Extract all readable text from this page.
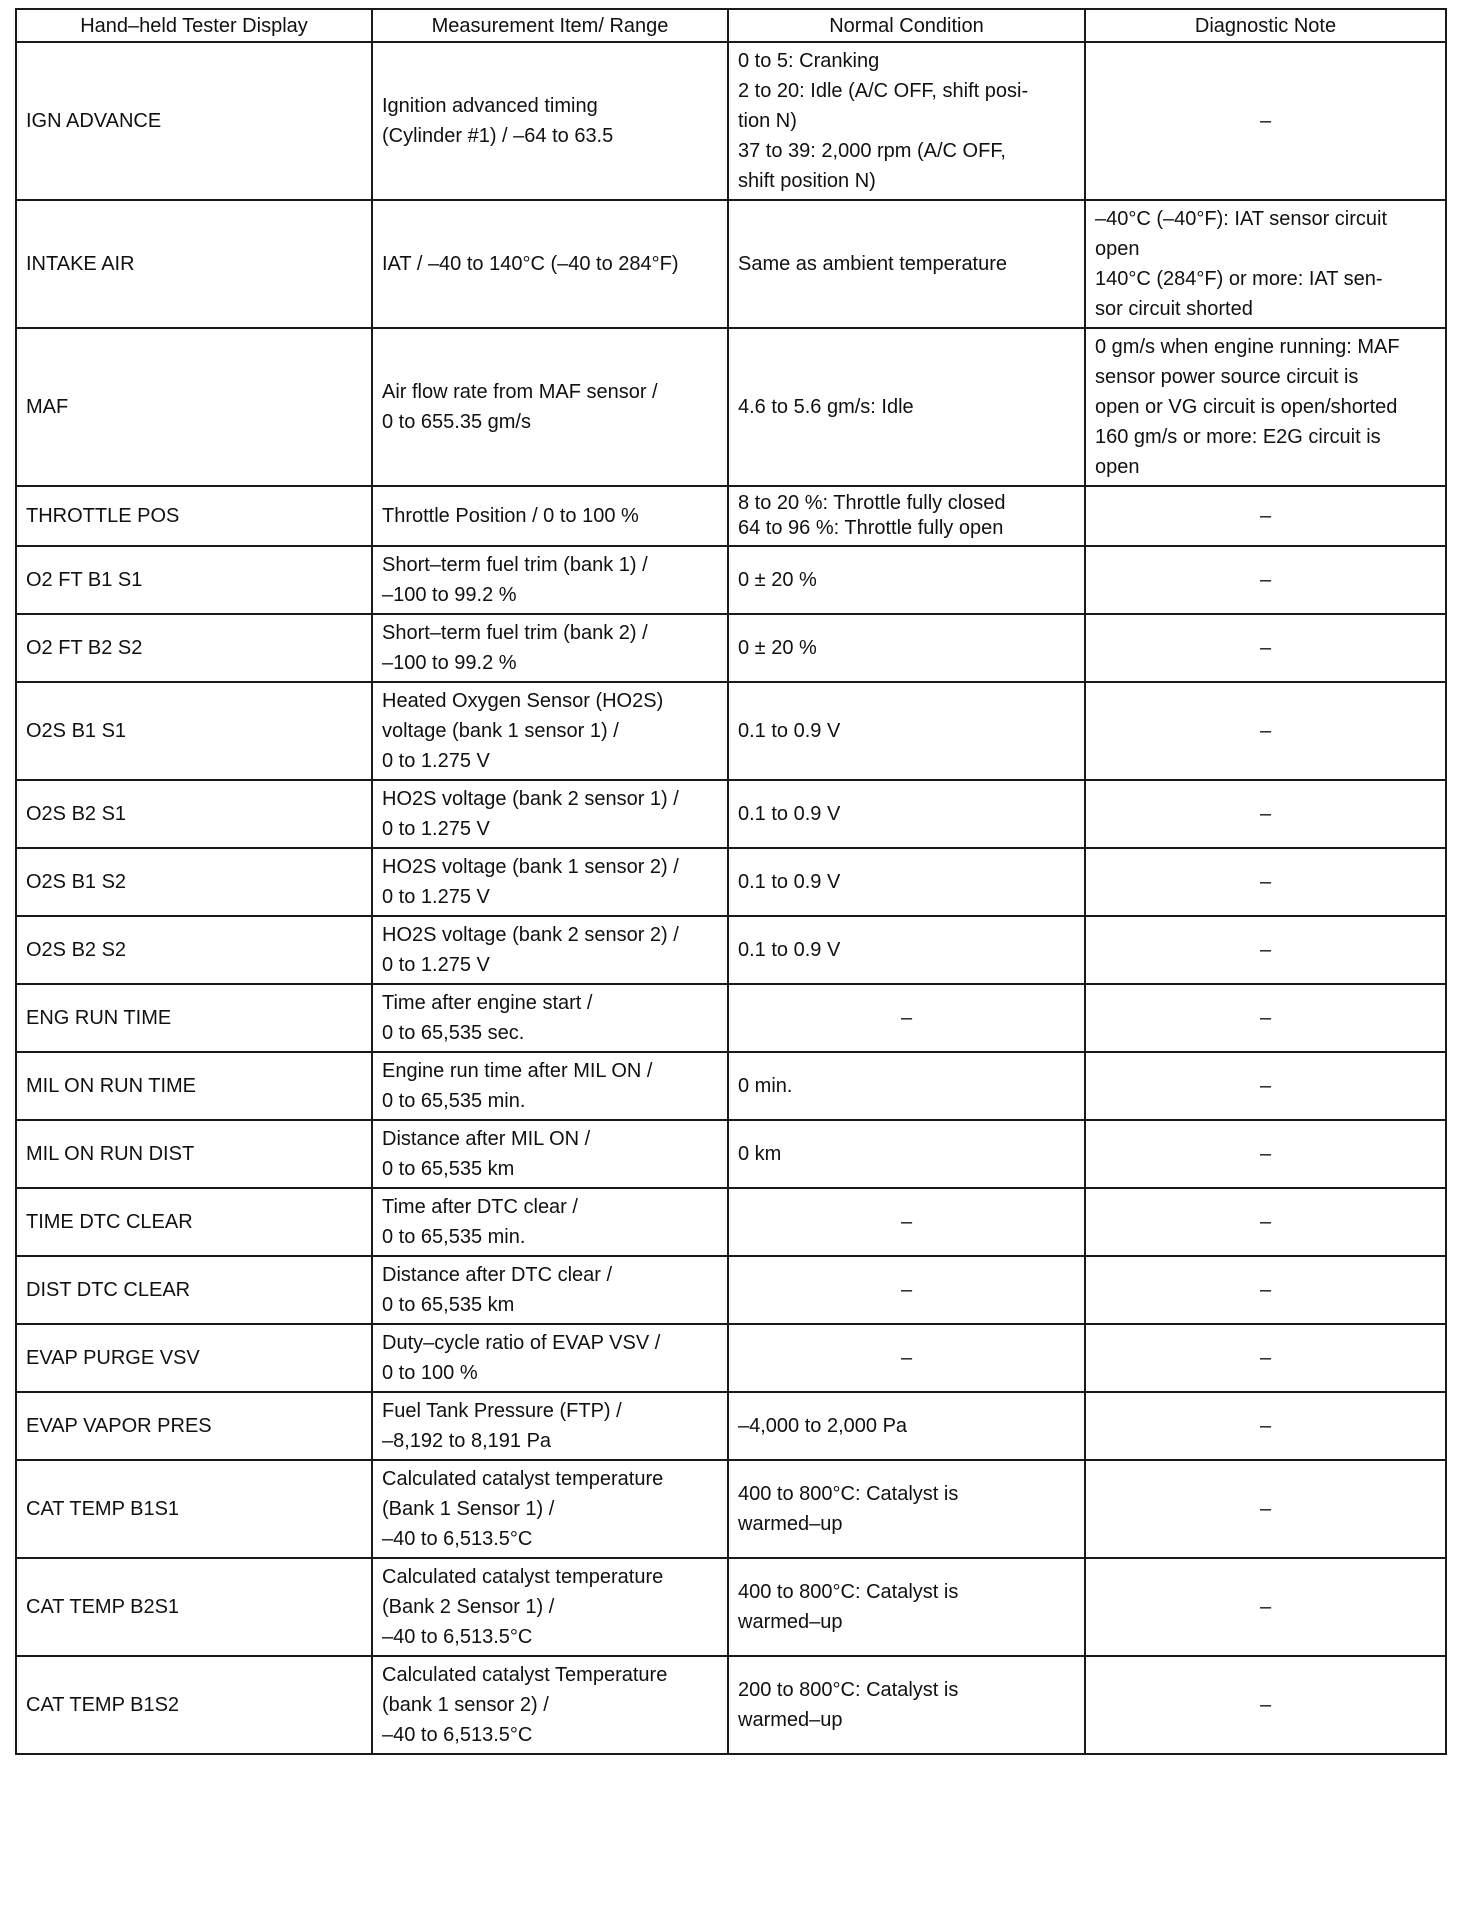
Hand–held Tester Display	Measurement Item/ Range	Normal Condition	Diagnostic Note
IGN ADVANCE	Ignition advanced timing
(Cylinder #1) / –64 to 63.5	0 to 5: Cranking
2 to 20: Idle (A/C OFF, shift posi-
tion N)
37 to 39: 2,000 rpm (A/C OFF,
shift position N)	–
INTAKE AIR	IAT / –40 to 140°C (–40 to 284°F)	Same as ambient temperature	–40°C (–40°F): IAT sensor circuit
open
140°C (284°F) or more: IAT sen-
sor circuit shorted
MAF	Air flow rate from MAF sensor /
0 to 655.35 gm/s	4.6 to 5.6 gm/s: Idle	0 gm/s when engine running: MAF
sensor power source circuit is
open or VG circuit is open/shorted
160 gm/s or more: E2G circuit is
open
THROTTLE POS	Throttle Position / 0 to 100 %	8 to 20 %: Throttle fully closed
64 to 96 %: Throttle fully open	–
O2 FT B1 S1	Short–term fuel trim (bank 1) /
–100 to 99.2 %	0 ± 20 %	–
O2 FT B2 S2	Short–term fuel trim (bank 2) /
–100 to 99.2 %	0 ± 20 %	–
O2S B1 S1	Heated Oxygen Sensor (HO2S)
voltage (bank 1 sensor 1) /
0 to 1.275 V	0.1 to 0.9 V	–
O2S B2 S1	HO2S voltage (bank 2 sensor 1) /
0 to 1.275 V	0.1 to 0.9 V	–
O2S B1 S2	HO2S voltage (bank 1 sensor 2) /
0 to 1.275 V	0.1 to 0.9 V	–
O2S B2 S2	HO2S voltage (bank 2 sensor 2) /
0 to 1.275 V	0.1 to 0.9 V	–
ENG RUN TIME	Time after engine start /
0 to 65,535 sec.	–	–
MIL ON RUN TIME	Engine run time after MIL ON /
0 to 65,535 min.	0 min.	–
MIL ON RUN DIST	Distance after MIL ON /
0 to 65,535 km	0 km	–
TIME DTC CLEAR	Time after DTC clear /
0 to 65,535 min.	–	–
DIST DTC CLEAR	Distance after DTC clear /
0 to 65,535 km	–	–
EVAP PURGE VSV	Duty–cycle ratio of EVAP VSV /
0 to 100 %	–	–
EVAP VAPOR PRES	Fuel Tank Pressure (FTP) /
–8,192 to 8,191 Pa	–4,000 to 2,000 Pa	–
CAT TEMP B1S1	Calculated catalyst temperature
(Bank 1 Sensor 1) /
–40 to 6,513.5°C	400 to 800°C: Catalyst is
warmed–up	–
CAT TEMP B2S1	Calculated catalyst temperature
(Bank 2 Sensor 1) /
–40 to 6,513.5°C	400 to 800°C: Catalyst is
warmed–up	–
CAT TEMP B1S2	Calculated catalyst Temperature
(bank 1 sensor 2) /
–40 to 6,513.5°C	200 to 800°C: Catalyst is
warmed–up	–
